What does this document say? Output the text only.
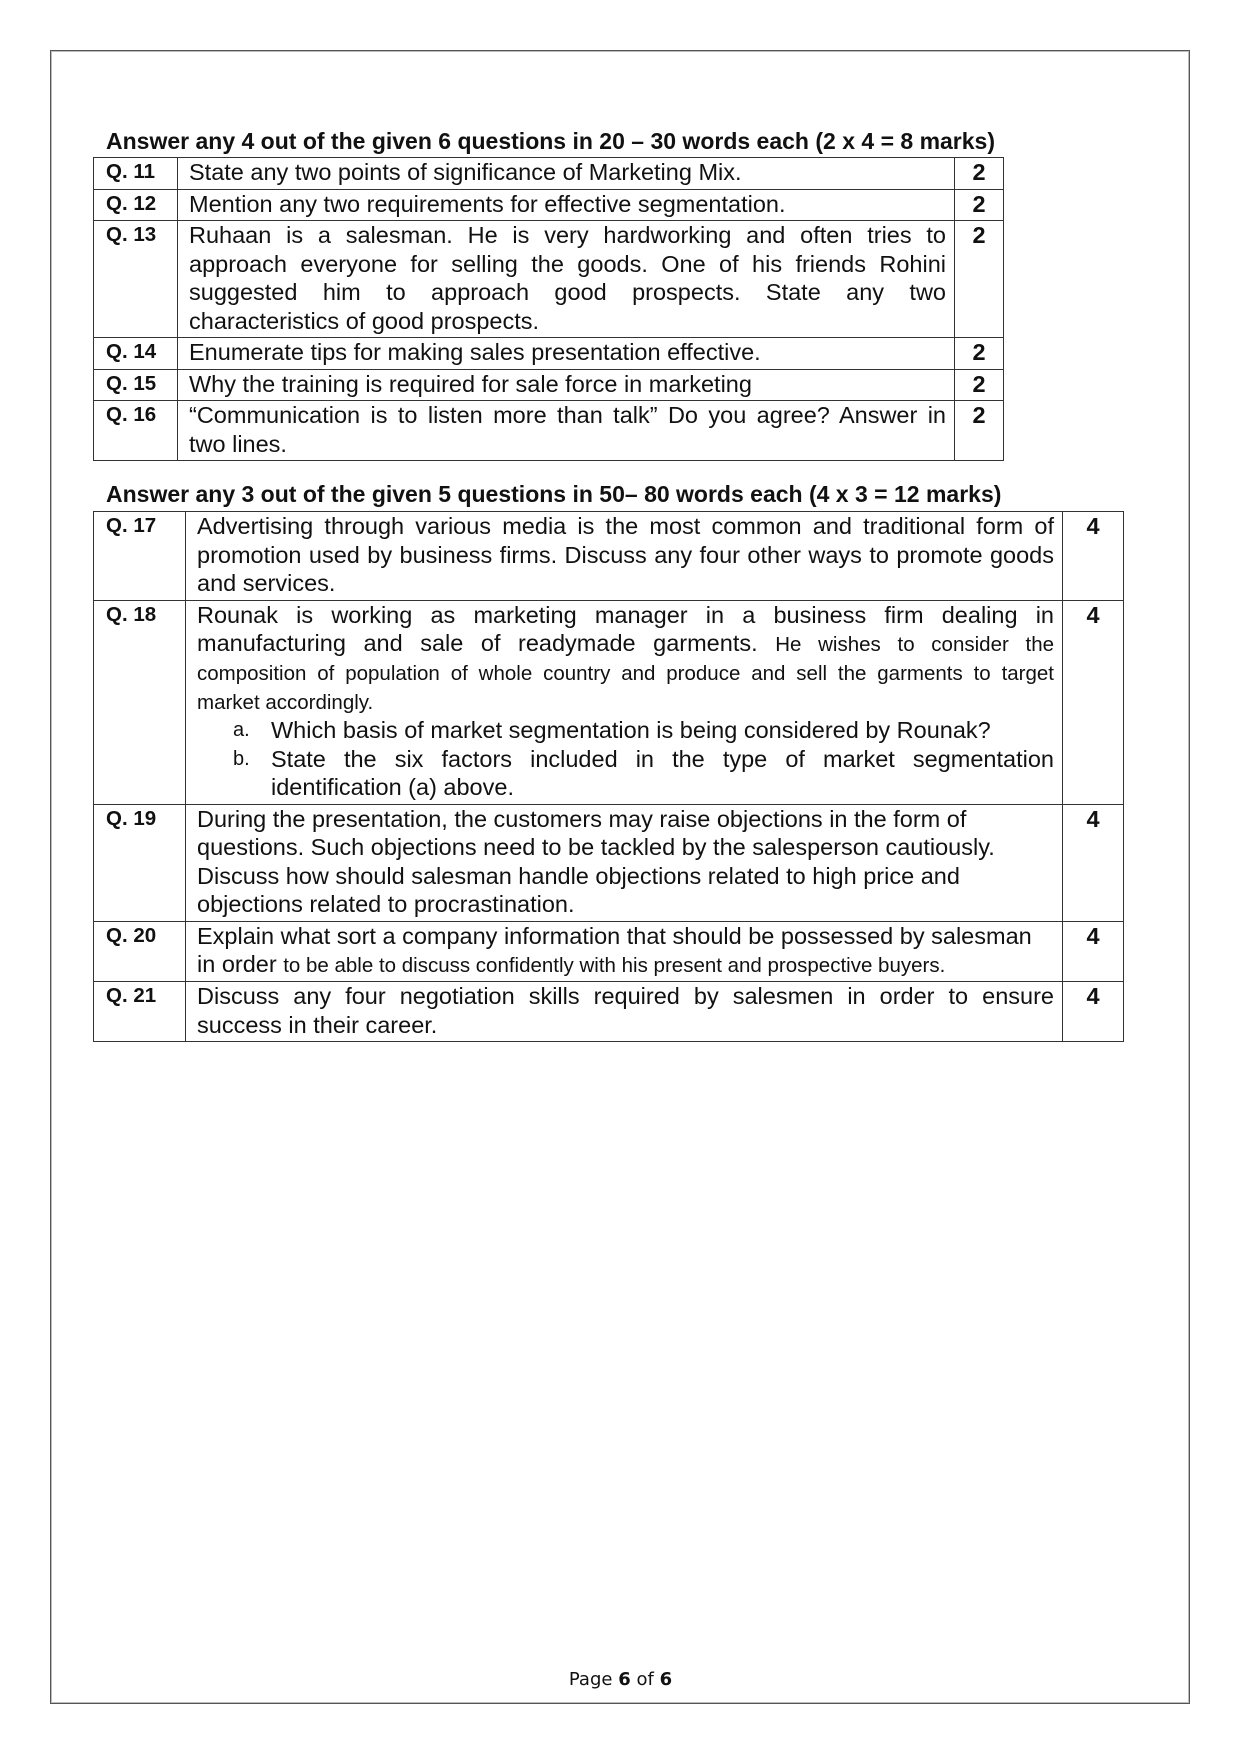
Answer any 4 out of the given 6 questions in 20 – 30 words each (2 x 4 = 8 marks)
Q. 11	State any two points of significance of Marketing Mix.	2
Q. 12	Mention any two requirements for effective segmentation.	2
Q. 13	Ruhaan is a salesman. He is very hardworking and often tries to approach everyone for selling the goods. One of his friends Rohini suggested him to approach good prospects. State any two characteristics of good prospects.	2
Q. 14	Enumerate tips for making sales presentation effective.	2
Q. 15	Why the training is required for sale force in marketing	2
Q. 16	“Communication is to listen more than talk” Do you agree? Answer in two lines.	2
Answer any 3 out of the given 5 questions in 50– 80 words each (4 x 3 = 12 marks)
Q. 17	Advertising through various media is the most common and traditional form of promotion used by business firms. Discuss any four other ways to promote goods and services.	4
Q. 18	Rounak is working as marketing manager in a business firm dealing in manufacturing and sale of readymade garments. He wishes to consider the composition of population of whole country and produce and sell the garments to target market accordingly.
a. Which basis of market segmentation is being considered by Rounak?
b. State the six factors included in the type of market segmentation identification (a) above.	4
Q. 19	During the presentation, the customers may raise objections in the form of questions. Such objections need to be tackled by the salesperson cautiously. Discuss how should salesman handle objections related to high price and objections related to procrastination.	4
Q. 20	Explain what sort a company information that should be possessed by salesman in order to be able to discuss confidently with his present and prospective buyers.	4
Q. 21	Discuss any four negotiation skills required by salesmen in order to ensure success in their career.	4
Page 6 of 6
